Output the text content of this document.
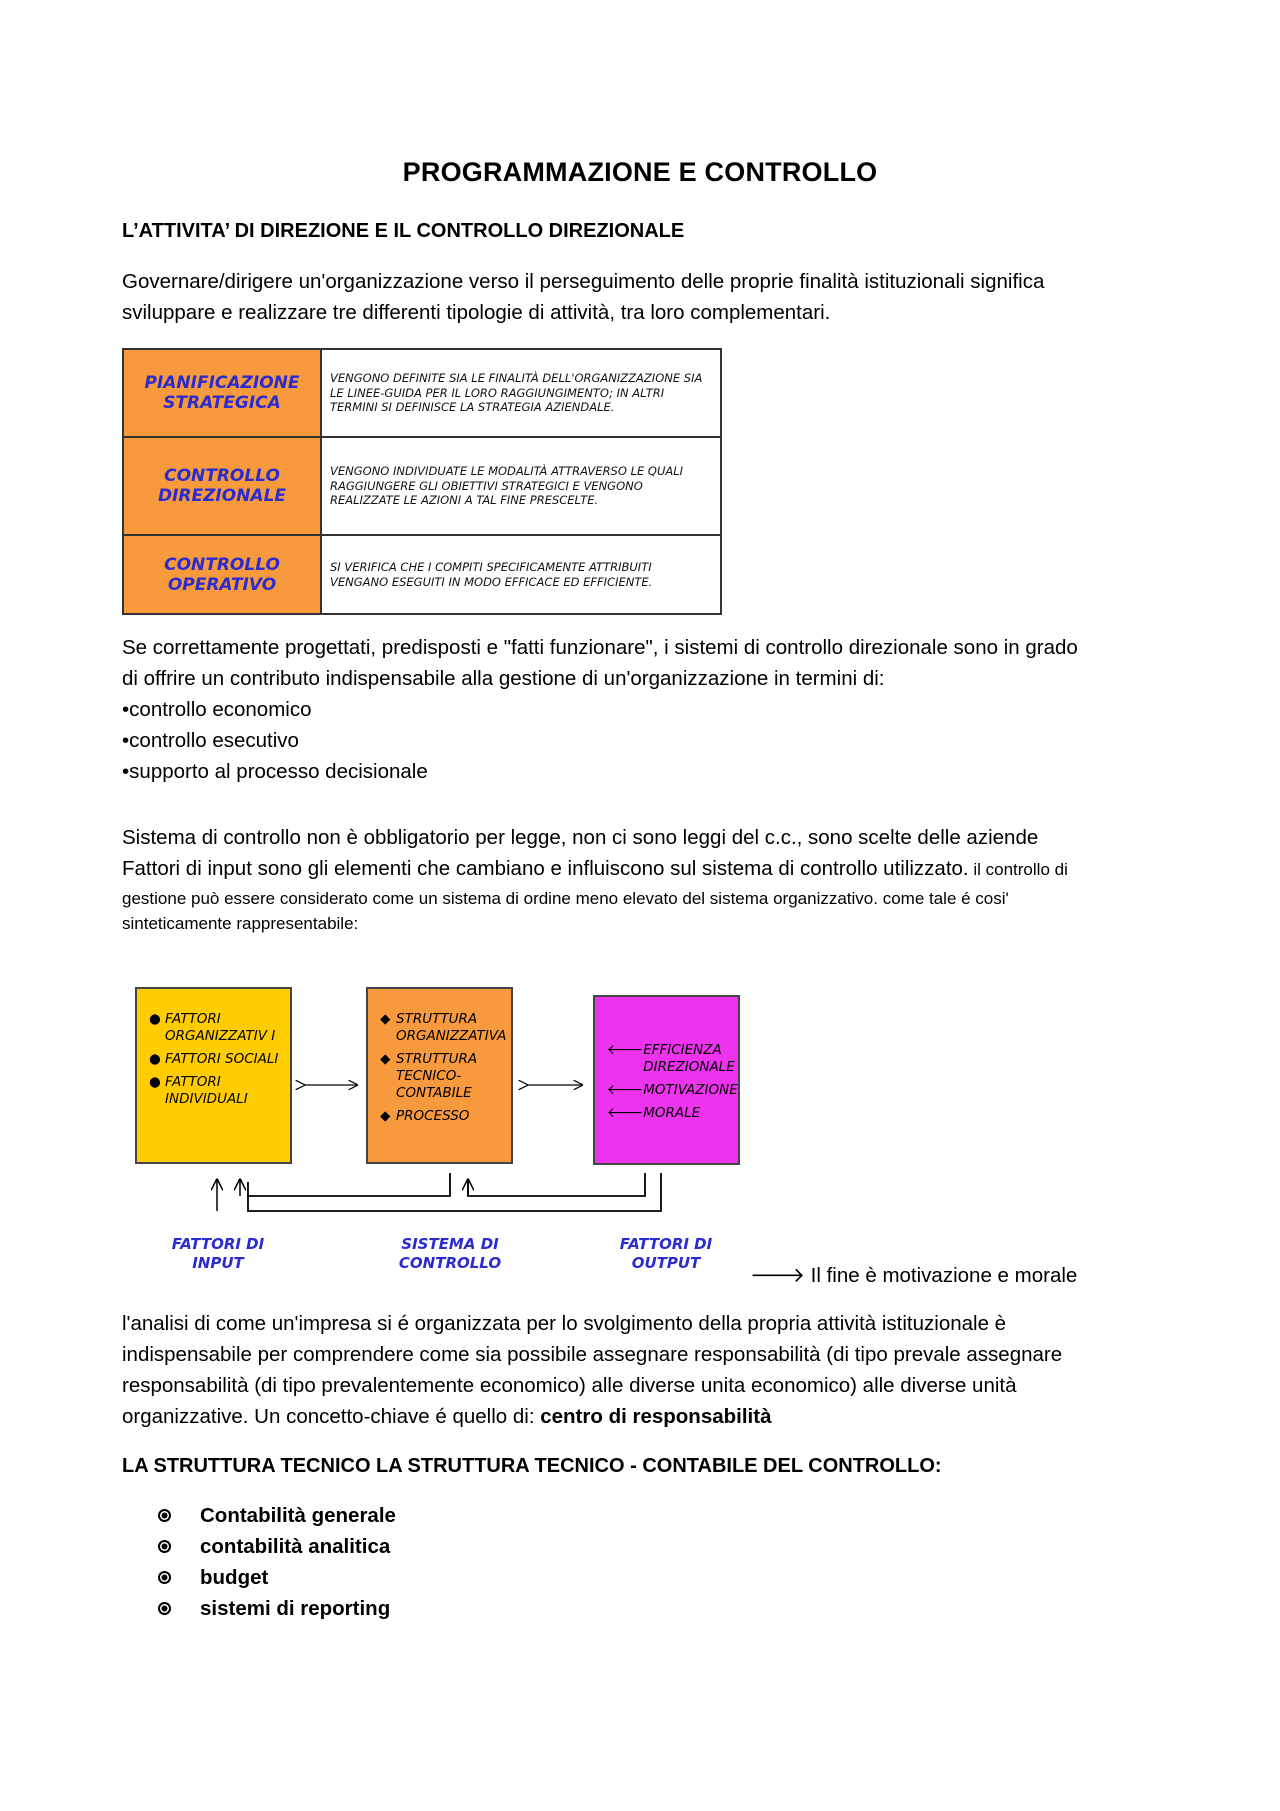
PROGRAMMAZIONE E CONTROLLO
L’ATTIVITA’ DI DIREZIONE E IL CONTROLLO DIREZIONALE
Governare/dirigere un'organizzazione verso il perseguimento delle proprie finalità istituzionali significa
sviluppare e realizzare tre differenti tipologie di attività, tra loro complementari.
PIANIFICAZIONE
STRATEGICA	VENGONO DEFINITE SIA LE FINALITÀ DELL'ORGANIZZAZIONE SIA LE LINEE-GUIDA PER IL LORO RAGGIUNGIMENTO; IN ALTRI TERMINI SI DEFINISCE LA STRATEGIA AZIENDALE.

CONTROLLO
DIREZIONALE	VENGONO INDIVIDUATE LE MODALITÀ ATTRAVERSO LE QUALI RAGGIUNGERE GLI OBIETTIVI STRATEGICI E VENGONO REALIZZATE LE AZIONI A TAL FINE PRESCELTE.

CONTROLLO
OPERATIVO	SI VERIFICA CHE I COMPITI SPECIFICAMENTE ATTRIBUITI VENGANO ESEGUITI IN MODO EFFICACE ED EFFICIENTE.
Se correttamente progettati, predisposti e "fatti funzionare", i sistemi di controllo direzionale sono in grado
di offrire un contributo indispensabile alla gestione di un'organizzazione in termini di:
•controllo economico
•controllo esecutivo
•supporto al processo decisionale
Sistema di controllo non è obbligatorio per legge, non ci sono leggi del c.c., sono scelte delle aziende
Fattori di input sono gli elementi che cambiano e influiscono sul sistema di controllo utilizzato. il controllo di
gestione può essere considerato come un sistema di ordine meno elevato del sistema organizzativo. come tale é cosi'
sinteticamente rappresentabile:
● FATTORI ORGANIZZATIV I
● FATTORI SOCIALI
● FATTORI INDIVIDUALI
◆ STRUTTURA ORGANIZZATIVA
◆ STRUTTURA TECNICO-CONTABILE
◆ PROCESSO
🡐 EFFICIENZA DIREZIONALE
🡐 MOTIVAZIONE
🡐 MORALE
FATTORI DI
INPUT
SISTEMA DI
CONTROLLO
FATTORI DI
OUTPUT
🡒 Il fine è motivazione e morale
l'analisi di come un'impresa si é organizzata per lo svolgimento della propria attività istituzionale è
indispensabile per comprendere come sia possibile assegnare responsabilità (di tipo prevale assegnare
responsabilità (di tipo prevalentemente economico) alle diverse unita economico) alle diverse unità
organizzative. Un concetto-chiave é quello di: centro di responsabilità
LA STRUTTURA TECNICO LA STRUTTURA TECNICO - CONTABILE DEL CONTROLLO:
Contabilità generale
contabilità analitica
budget
sistemi di reporting
